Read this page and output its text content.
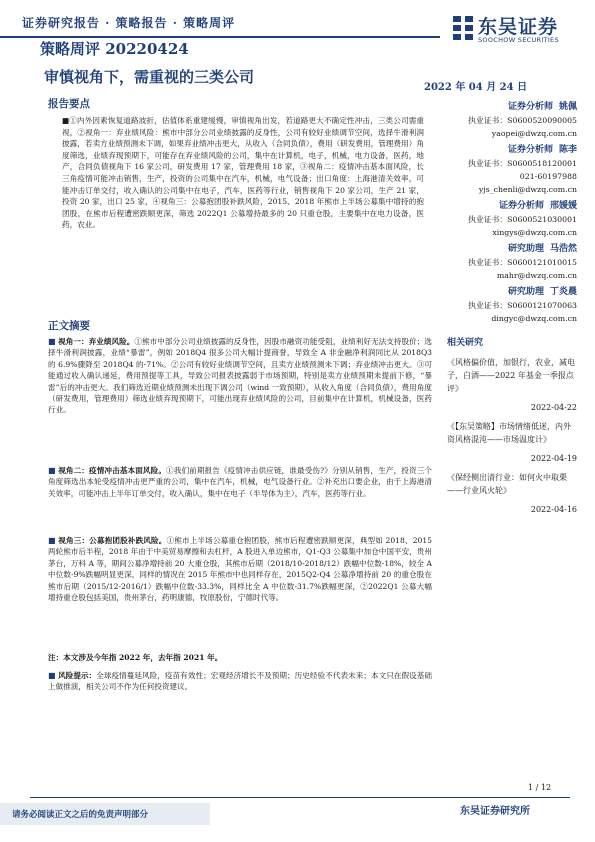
证券研究报告 · 策略报告 · 策略周评
策略周评 20220424
东吴证券
SOOCHOW SECURITIES
审慎视角下，需重视的三类公司
2022 年 04 月 24 日
报告要点

■①内外因素恢复道路波折，估值体系重建缓慢，审慎视角出发，若道路更大不确定性冲击，三类公司需重视，②视角一：弃业绩风险：熊市中部分公司业绩披露的反身性，公司有较好业绩调节空间，选择牛滑利润披露，若卖方业绩预测未下调，如果弃业绩冲击更大，从收入（合同负债），费用（研发费用，管理费用）角度筛选，业绩弃现预期下，可能存在弃业绩风险的公司，集中在计算机，电子，机械，电力设备，医药，地产，合同负债视角下 16 家公司，研发费用 17 家，管理费用 18 家，③视角二：疫情冲击基本面风险，长三角疫情可能冲击销售，生产，投资的公司集中在汽车，机械，电气设备；出口角度：上海港清关效率，可能冲击订单交付，收入确认的公司集中在电子，汽车，医药等行业，销售视角下 20 家公司，生产 21 家，投资 20 家，出口 25 家，④视角三：公募抱团股补跌风险，2015、2018 年熊市上半场公募集中增持的抱团股，在熊市后程遭密跌顺更深，筛选 2022Q1 公募增持最多的 20 只重仓股，主要集中在电力设备，医药，农业。

正文摘要
■ 视角一：弃业绩风险。①熊市中部分公司业绩披露的反身性，因股市融资功能受阻，业绩利好无法支持股价；选择牛滑利润披露，业绩“暴雷”，例如 2018Q4 很多公司大幅计提商誉，导致全 A 非金融净利润同比从 2018Q3 的 6.9%骤降至 2018Q4 的-71%。②公司有较好业绩调节空间，且卖方业绩预测未下调；弃业绩冲击更大。③可能通过收入确认递延，费用预提等工具，导致公司报表披露弱于市场预期，特别是卖方业绩预期未提前下修，“暴雷”后的冲击更大。我们筛选近期业绩预测未出现下调公司（wind 一致预期），从收入角度（合同负债），费用角度（研发费用，管理费用）筛选业绩弃现预期下，可能出现弃业绩风险的公司，目前集中在计算机，机械设备，医药行业。
■ 视角二：疫情冲击基本面风险。①我们前期报告《疫情冲击供应链，谁最受伤?》分别从销售，生产，投资三个角度筛选出本轮受疫情冲击更严重的公司，集中在汽车，机械，电气设备行业。②补充出口要企业，由于上海港清关效率，可能冲击上半年订单交付，收入确认，集中在电子（半导体为主），汽车，医药等行业。
■ 视角三：公募抱团股补跌风险。①熊市上半场公募重仓抱团股，熊市后程遭密跌顺更深，典型如 2018、2015 两轮熊市后半程，2018 年由于中美贸易摩擦和去杠杆，A 股进入单边熊市，Q1-Q3 公募集中加仓中国平安，贵州茅台，万科 A 等，期间公募净增持前 20 大重仓股，其熊市后期（2018/10-2018/12）跌幅中位数-18%，较全 A 中位数-9%跌幅明显更深，同样的情况在 2015 年熊市中也同样存在，2015Q2-Q4 公募净增持前 20 的重仓股在熊市后期（2015/12-2016/1）跌幅中位数-33.3%，同样比全 A 中位数-31.7%跌幅更深，②2022Q1 公募大幅增持重仓股包括美国，贵州茅台，药明康德，牧原股份，宁德时代等。
注：本文涉及今年指 2022 年，去年指 2021 年。
■ 风险提示：全球疫情蔓延风险，疫苗有效性；宏观经济增长不及预期；历史经验不代表未来；本文只在假设基础上做推演，相关公司不作为任何投资建议。
证券分析师 姚佩
执业证书：S0600520090005
yaopei@dwzq.com.cn
证券分析师 陈李
执业证书：S0600518120001
021-60197988
yjs_chenli@dwzq.com.cn
证券分析师 邢媛媛
执业证书：S0600521030001
xingys@dwzq.com.cn
研究助理 马浩然
执业证书：S0600121010015
mahr@dwzq.com.cn
研究助理 丁炎晨
执业证书：S0600121070063
dingyc@dwzq.com.cn
相关研究
《风格偏价值，加银行，农业，减电子，白酒——2022 年基金一季报点评》
2022-04-22
《【东吴策略】市场情绪低迷，内外资风格混沌——市场温度计》
2022-04-19
《保经侧出清行业：如何火中取栗——行业风火轮》
2022-04-16
1 / 12
请务必阅读正文之后的免责声明部分	东吴证券研究所
